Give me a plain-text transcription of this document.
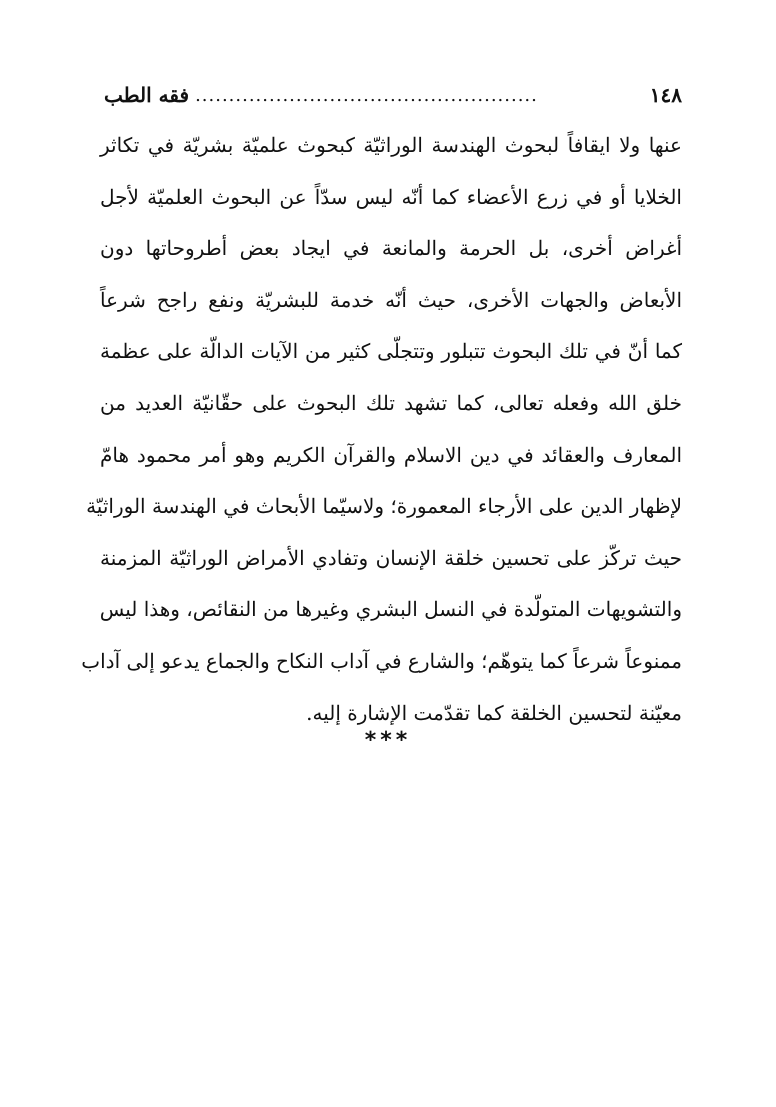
فقه الطب ...................................................	١٤٨
عنها ولا ايقافاً لبحوث الهندسة الوراثيّة كبحوث علميّة بشريّة في تكاثر
الخلايا أو في زرع الأعضاء كما أنّه ليس سدّاً عن البحوث العلميّة لأجل
أغراض أخرى، بل الحرمة والمانعة في ايجاد بعض أطروحاتها دون
الأبعاض والجهات الأخرى، حيث أنّه خدمة للبشريّة ونفع راجح شرعاً
كما أنّ في تلك البحوث تتبلور وتتجلّى كثير من الآيات الدالّة على عظمة
خلق الله وفعله تعالى، كما تشهد تلك البحوث على حقّانيّة العديد من
المعارف والعقائد في دين الاسلام والقرآن الكريم وهو أمر محمود هامّ
لإظهار الدين على الأرجاء المعمورة؛ ولاسيّما الأبحاث في الهندسة الوراثيّة
حيث تركّز على تحسين خلقة الإنسان وتفادي الأمراض الوراثيّة المزمنة
والتشويهات المتولّدة في النسل البشري وغيرها من النقائص، وهذا ليس
ممنوعاً شرعاً كما يتوهّم؛ والشارع في آداب النكاح والجماع يدعو إلى آداب
معيّنة لتحسين الخلقة كما تقدّمت الإشارة إليه.
***
